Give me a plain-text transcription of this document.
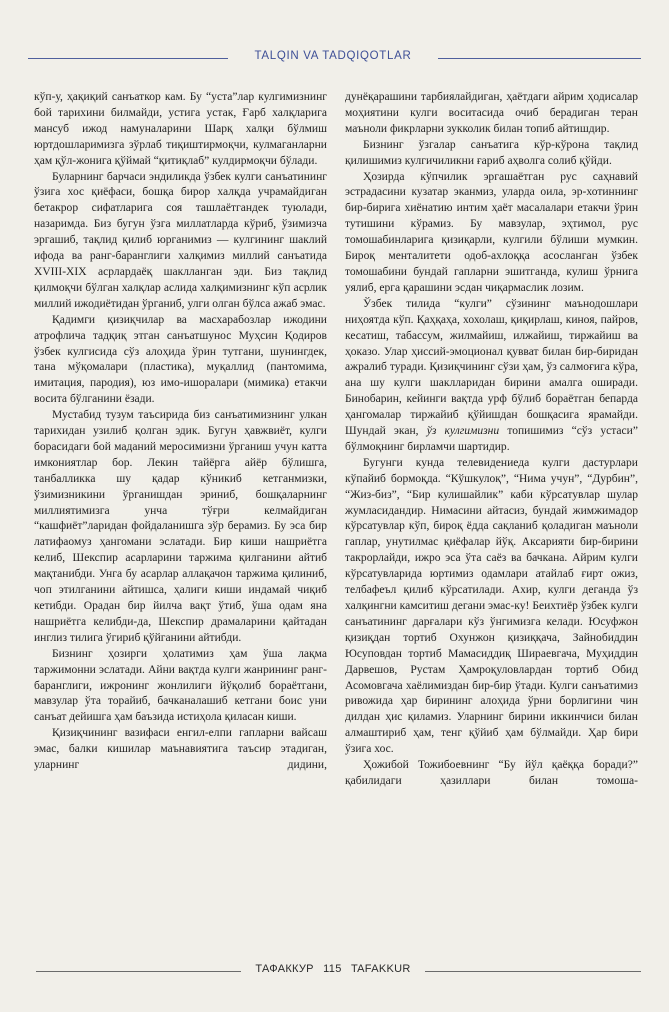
TALQIN VA TADQIQOTLAR

кўп-у, ҳақиқий санъаткор кам. Бу “уста”лар кулгимизнинг бой тарихини билмайди, устига устак, Ғарб халқларига мансуб ижод намуналарини Шарқ халқи бўлмиш юртдошларимизга зўрлаб тиқиштирмоқчи, кулмаганларни ҳам қўл-жонига қўймай “қитиқлаб” кулдирмоқчи бўлади.

Буларнинг барчаси эндиликда ўзбек кулги санъатининг ўзига хос қиёфаси, бошқа бирор халқда учрамайдиган бетакрор сифатларига соя ташлаётгандек туюлади, назаримда. Биз бугун ўзга миллатларда кўриб, ўзимизча эргашиб, тақлид қилиб юрганимиз — кулгининг шаклий ифода ва ранг-баранглиги халқимиз миллий санъатида XVIII-XIX асрлардаёқ шаклланган эди. Биз тақлид қилмоқчи бўлган халқлар аслида халқимизнинг кўп асрлик миллий ижодиётидан ўрганиб, улги олган бўлса ажаб эмас.

Қадимги қизиқчилар ва масхарабозлар ижодини атрофлича тадқиқ этган санъатшунос Муҳсин Қодиров ўзбек кулгисида сўз алоҳида ўрин тутгани, шунингдек, тана мўқомалари (пластика), муқаллид (пантомима, имитация, пародия), юз имо-ишоралари (мимика) етакчи восита бўлганини ёзади.

Мустабид тузум таъсирида биз санъатимизнинг улкан тарихидан узилиб қолган эдик. Бугун ҳавжвиёт, кулги борасидаги бой маданий меросимизни ўрганиш учун катта имкониятлар бор. Лекин тайёрга айёр бўлишга, танбалликка шу қадар кўникиб кетганмизки, ўзимизникини ўрганишдан эриниб, бошқаларнинг миллиятимизга унча тўғри келмайдиган “кашфиёт”ларидан фойдаланишга зўр берамиз. Бу эса бир латифаомуз ҳангомани эслатади. Бир киши нашриётга келиб, Шекспир асарларини таржима қилганини айтиб мақтанибди. Унга бу асарлар аллақачон таржима қилиниб, чоп этилганини айтишса, ҳалиги киши индамай чиқиб кетибди. Орадан бир йилча вақт ўтиб, ўша одам яна нашриётга келибди-да, Шекспир драмаларини қайтадан инглиз тилига ўгириб қўйганини айтибди.

Бизнинг ҳозирги ҳолатимиз ҳам ўша лақма таржимонни эслатади. Айни вақтда кулги жанрининг ранг-баранглиги, ижронинг жонлилиги йўқолиб бораётгани, мавзулар ўта торайиб, бачканалашиб кетгани боис уни санъат дейишга ҳам баъзида истиҳола қиласан киши.

Қизиқчининг вазифаси енгил-елпи гапларни вайсаш эмас, балки кишилар маънавиятига таъсир этадиган, уларнинг дидини,

дунёқарашини тарбиялайдиган, ҳаётдаги айрим ҳодисалар моҳиятини кулги воситасида очиб берадиган теран маъноли фикрларни зукколик билан топиб айтишдир.

Бизнинг ўзгалар санъатига кўр-кўрона тақлид қилишимиз кулгичиликни ғариб аҳволга солиб қўйди.

Ҳозирда кўпчилик эргашаётган рус саҳнавий эстрадасини кузатар эканмиз, уларда оила, эр-хотиннинг бир-бирига хиёнатию интим ҳаёт масалалари етакчи ўрин тутишини кўрамиз. Бу мавзулар, эҳтимол, рус томошабинларига қизиқарли, кулгили бўлиши мумкин. Бироқ менталитети одоб-ахлоққа асосланган ўзбек томошабини бундай гапларни эшитганда, кулиш ўрнига уялиб, ерга қарашини эсдан чиқармаслик лозим.

Ўзбек тилида “кулги” сўзининг маънодошлари ниҳоятда кўп. Қаҳқаҳа, хохолаш, қиқирлаш, киноя, пайров, кесатиш, табассум, жилмайиш, илжайиш, тиржайиш ва ҳоказо. Улар ҳиссий-эмоционал қувват билан бир-биридан ажралиб туради. Қизиқчининг сўзи ҳам, ўз салмоғига кўра, ана шу кулги шаклларидан бирини амалга оширади. Бинобарин, кейинги вақтда урф бўлиб бораётган бепарда ҳангомалар тиржайиб қўйишдан бошқасига ярамайди. Шундай экан, ўз кулгимизни топишимиз “сўз устаси” бўлмоқнинг бирламчи шартидир.

Бугунги кунда телевидениеда кулги дастурлари кўпайиб бормоқда. “Кўшкулоқ”, “Нима учун”, “Дурбин”, “Жиз-биз”, “Бир кулишайлик” каби кўрсатувлар шулар жумласидандир. Нимасини айтасиз, бундай жимжимадор кўрсатувлар кўп, бироқ ёдда сақланиб қоладиган маъноли гаплар, унутилмас қиёфалар йўқ. Аксарияти бир-бирини такрорлайди, ижро эса ўта саёз ва бачкана. Айрим кулги кўрсатувларида юртимиз одамлари атайлаб ғирт ожиз, телбафеъл қилиб кўрсатилади. Ахир, кулги деганда ўз халқингни камситиш дегани эмас-ку! Беихтиёр ўзбек кулги санъатининг дарғалари кўз ўнгимизга келади. Юсуфжон қизиқдан тортиб Охунжон қизиққача, Зайнобиддин Юсуповдан тортиб Мамасиддиқ Шираевгача, Муҳиддин Дарвешов, Рустам Ҳамроқуловлардан тортиб Обид Асомовгача хаёлимиздан бир-бир ўтади. Кулги санъатимиз ривожида ҳар бирининг алоҳида ўрни борлигини чин дилдан ҳис қиламиз. Уларнинг бирини иккинчиси билан алмаштириб ҳам, тенг қўйиб ҳам бўлмайди. Ҳар бири ўзига хос.

Ҳожибой Тожибоевнинг “Бу йўл қаёққа боради?” қабилидаги ҳазиллари билан томоша-

ТАФАККУР 115 TAFAKKUR
